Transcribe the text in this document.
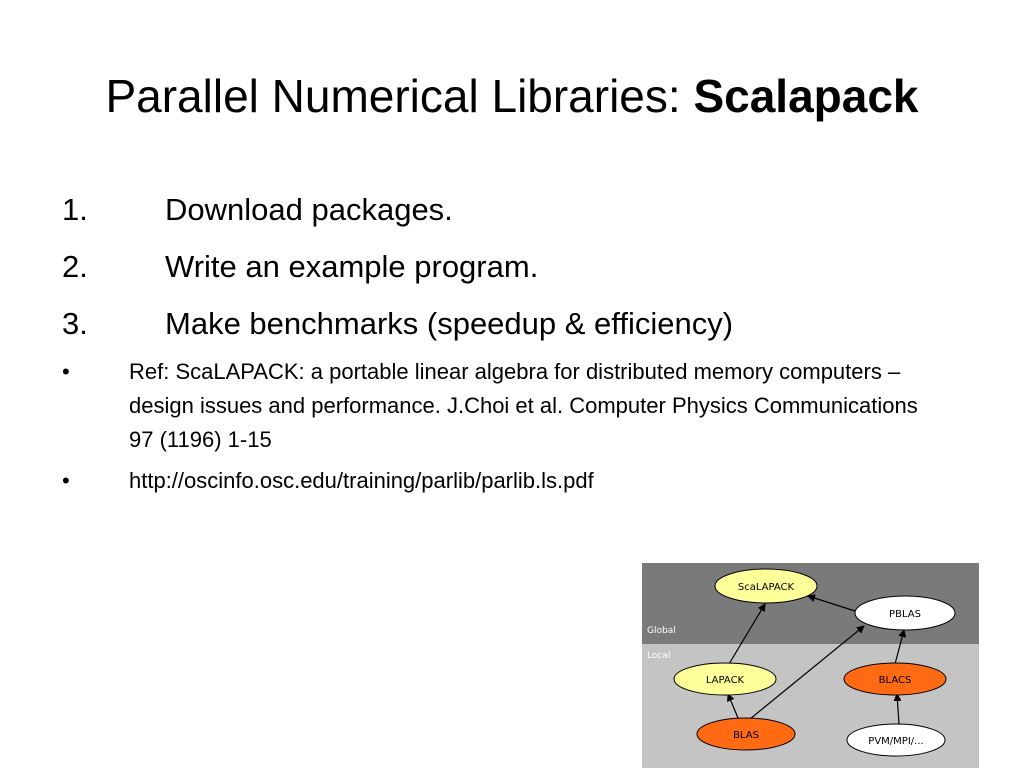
Parallel Numerical Libraries: Scalapack
1. Download packages.
2. Write an example program.
3. Make benchmarks (speedup & efficiency)
•	Ref: ScaLAPACK: a portable linear algebra for distributed memory computers – design issues and performance. J.Choi et al. Computer Physics Communications 97 (1196) 1-15
•	http://oscinfo.osc.edu/training/parlib/parlib.ls.pdf
Global
Local
ScaLAPACK
PBLAS
LAPACK	BLACS
BLAS
PVM/MPI/...
